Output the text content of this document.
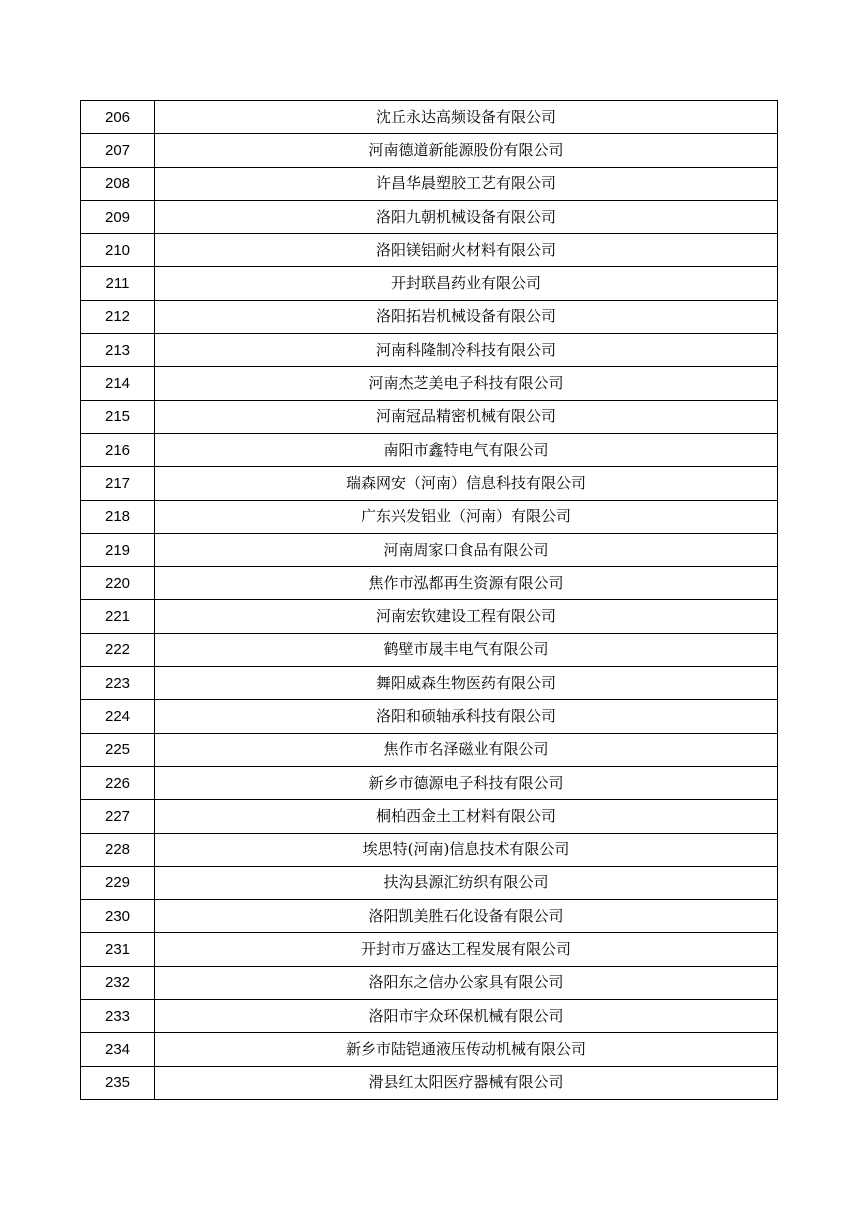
206	沈丘永达高频设备有限公司
207	河南德道新能源股份有限公司
208	许昌华晨塑胶工艺有限公司
209	洛阳九朝机械设备有限公司
210	洛阳镁铝耐火材料有限公司
211	开封联昌药业有限公司
212	洛阳拓岩机械设备有限公司
213	河南科隆制冷科技有限公司
214	河南杰芝美电子科技有限公司
215	河南冠品精密机械有限公司
216	南阳市鑫特电气有限公司
217	瑞森网安（河南）信息科技有限公司
218	广东兴发铝业（河南）有限公司
219	河南周家口食品有限公司
220	焦作市泓都再生资源有限公司
221	河南宏钦建设工程有限公司
222	鹤壁市晟丰电气有限公司
223	舞阳威森生物医药有限公司
224	洛阳和硕轴承科技有限公司
225	焦作市名泽磁业有限公司
226	新乡市德源电子科技有限公司
227	桐柏西金土工材料有限公司
228	埃思特(河南)信息技术有限公司
229	扶沟县源汇纺织有限公司
230	洛阳凯美胜石化设备有限公司
231	开封市万盛达工程发展有限公司
232	洛阳东之信办公家具有限公司
233	洛阳市宇众环保机械有限公司
234	新乡市陆铠通液压传动机械有限公司
235	滑县红太阳医疗器械有限公司
